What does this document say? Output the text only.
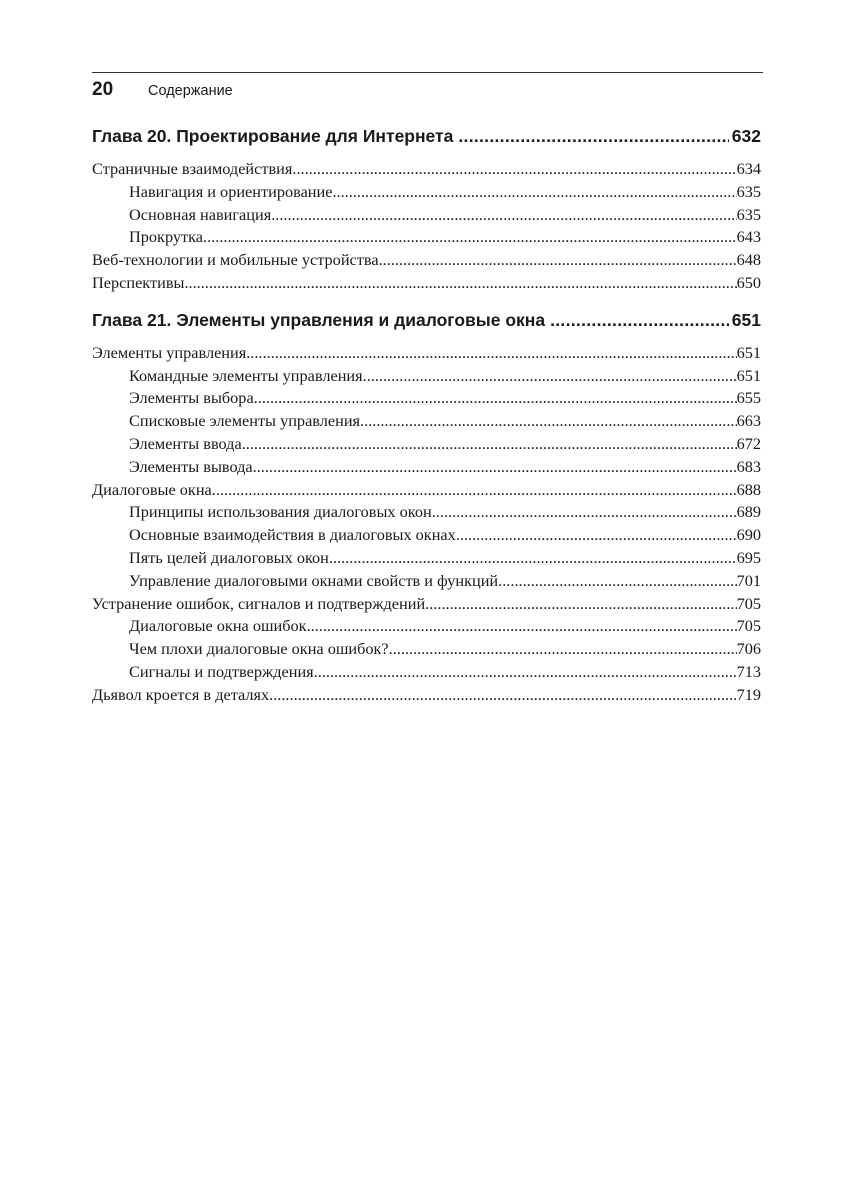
20 Содержание
Глава 20. Проектирование для Интернета .....	632
Страничные взаимодействия .....	634
Навигация и ориентирование .....	635
Основная навигация .....	635
Прокрутка .....	643
Веб-технологии и мобильные устройства .....	648
Перспективы .....	650
Глава 21. Элементы управления и диалоговые окна .....	651
Элементы управления .....	651
Командные элементы управления .....	651
Элементы выбора .....	655
Списковые элементы управления .....	663
Элементы ввода .....	672
Элементы вывода .....	683
Диалоговые окна .....	688
Принципы использования диалоговых окон .....	689
Основные взаимодействия в диалоговых окнах .....	690
Пять целей диалоговых окон .....	695
Управление диалоговыми окнами свойств и функций .....	701
Устранение ошибок, сигналов и подтверждений .....	705
Диалоговые окна ошибок .....	705
Чем плохи диалоговые окна ошибок? .....	706
Сигналы и подтверждения .....	713
Дьявол кроется в деталях .....	719
